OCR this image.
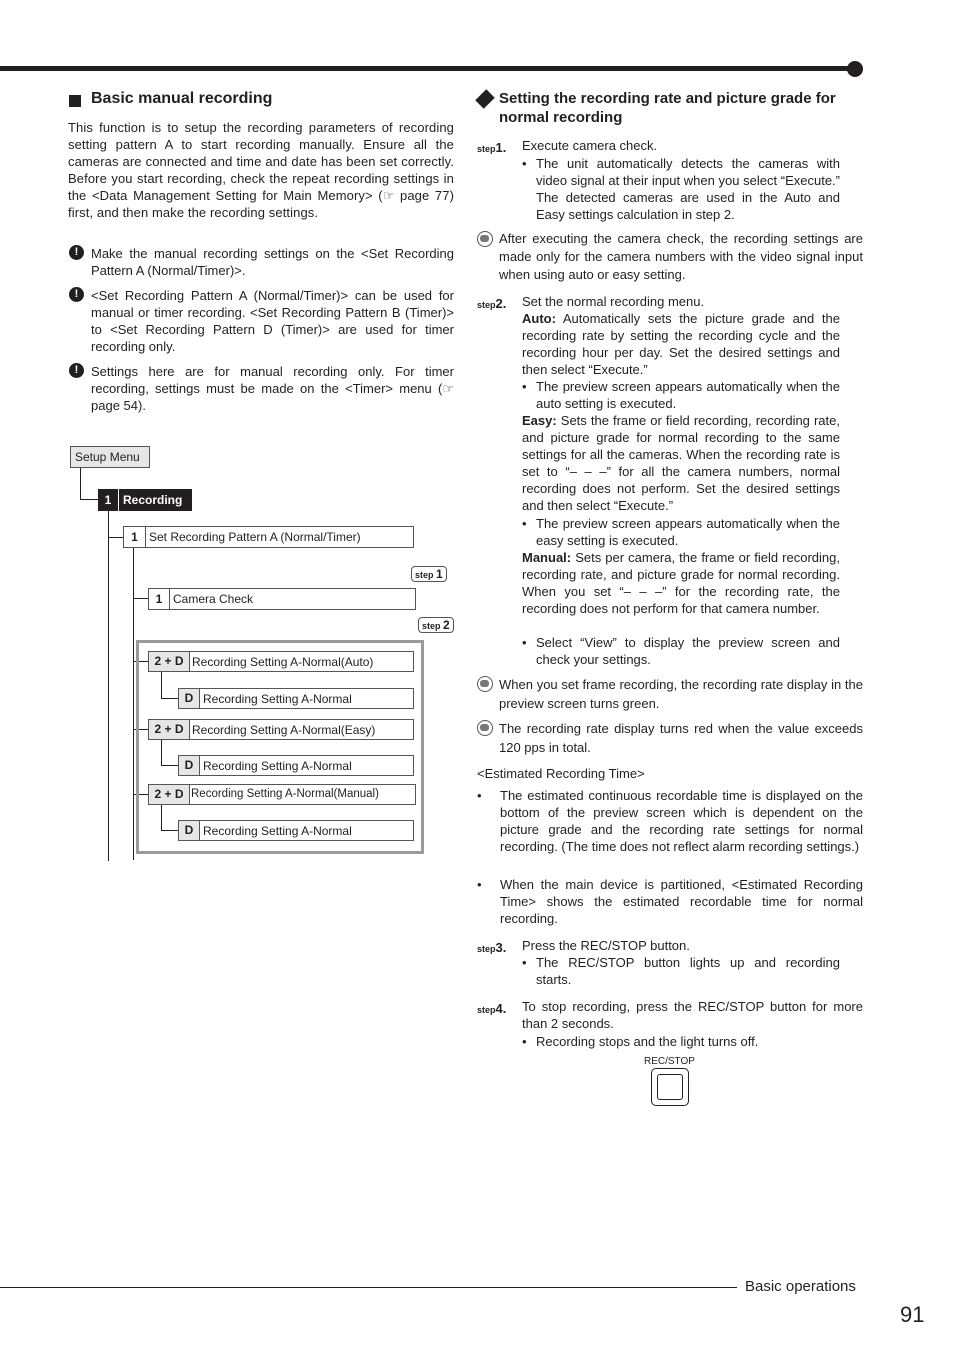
Basic manual recording
This function is to setup the recording parameters of recording setting pattern A to start recording manually. Ensure all the cameras are connected and time and date has been set correctly. Before you start recording, check the repeat recording settings in the <Data Management Setting for Main Memory> (☞ page 77) first, and then make the recording settings.
! Make the manual recording settings on the <Set Recording Pattern A (Normal/Timer)>.
! <Set Recording Pattern A (Normal/Timer)> can be used for manual or timer recording. <Set Recording Pattern B (Timer)> to <Set Recording Pattern D (Timer)> are used for timer recording only.
! Settings here are for manual recording only. For timer recording, settings must be made on the <Timer> menu (☞ page 54).
Setup Menu
1 Recording
1 Set Recording Pattern A (Normal/Timer)
step 1
1 Camera Check
step 2
2 + D Recording Setting A-Normal(Auto)
D Recording Setting A-Normal
2 + D Recording Setting A-Normal(Easy)
D Recording Setting A-Normal
2 + D Recording Setting A-Normal(Manual)
D Recording Setting A-Normal
Setting the recording rate and picture grade for normal recording
step1. Execute camera check.
• The unit automatically detects the cameras with video signal at their input when you select “Execute.” The detected cameras are used in the Auto and Easy settings calculation in step 2.
After executing the camera check, the recording settings are made only for the camera numbers with the video signal input when using auto or easy setting.
step2. Set the normal recording menu.
Auto: Automatically sets the picture grade and the recording rate by setting the recording cycle and the recording hour per day. Set the desired settings and then select “Execute.”
• The preview screen appears automatically when the auto setting is executed.
Easy: Sets the frame or field recording, recording rate, and picture grade for normal recording to the same settings for all the cameras. When the recording rate is set to “– – –” for all the camera numbers, normal recording does not perform. Set the desired settings and then select “Execute.”
• The preview screen appears automatically when the easy setting is executed.
Manual: Sets per camera, the frame or field recording, recording rate, and picture grade for normal recording. When you set “– – –” for the recording rate, the recording does not perform for that camera number.
• Select “View” to display the preview screen and check your settings.
When you set frame recording, the recording rate display in the preview screen turns green.
The recording rate display turns red when the value exceeds 120 pps in total.
<Estimated Recording Time>
• The estimated continuous recordable time is displayed on the bottom of the preview screen which is dependent on the picture grade and the recording rate settings for normal recording. (The time does not reflect alarm recording settings.)
• When the main device is partitioned, <Estimated Recording Time> shows the estimated recordable time for normal recording.
step3. Press the REC/STOP button.
• The REC/STOP button lights up and recording starts.
step4. To stop recording, press the REC/STOP button for more than 2 seconds.
• Recording stops and the light turns off.
REC/STOP
Basic operations
91
